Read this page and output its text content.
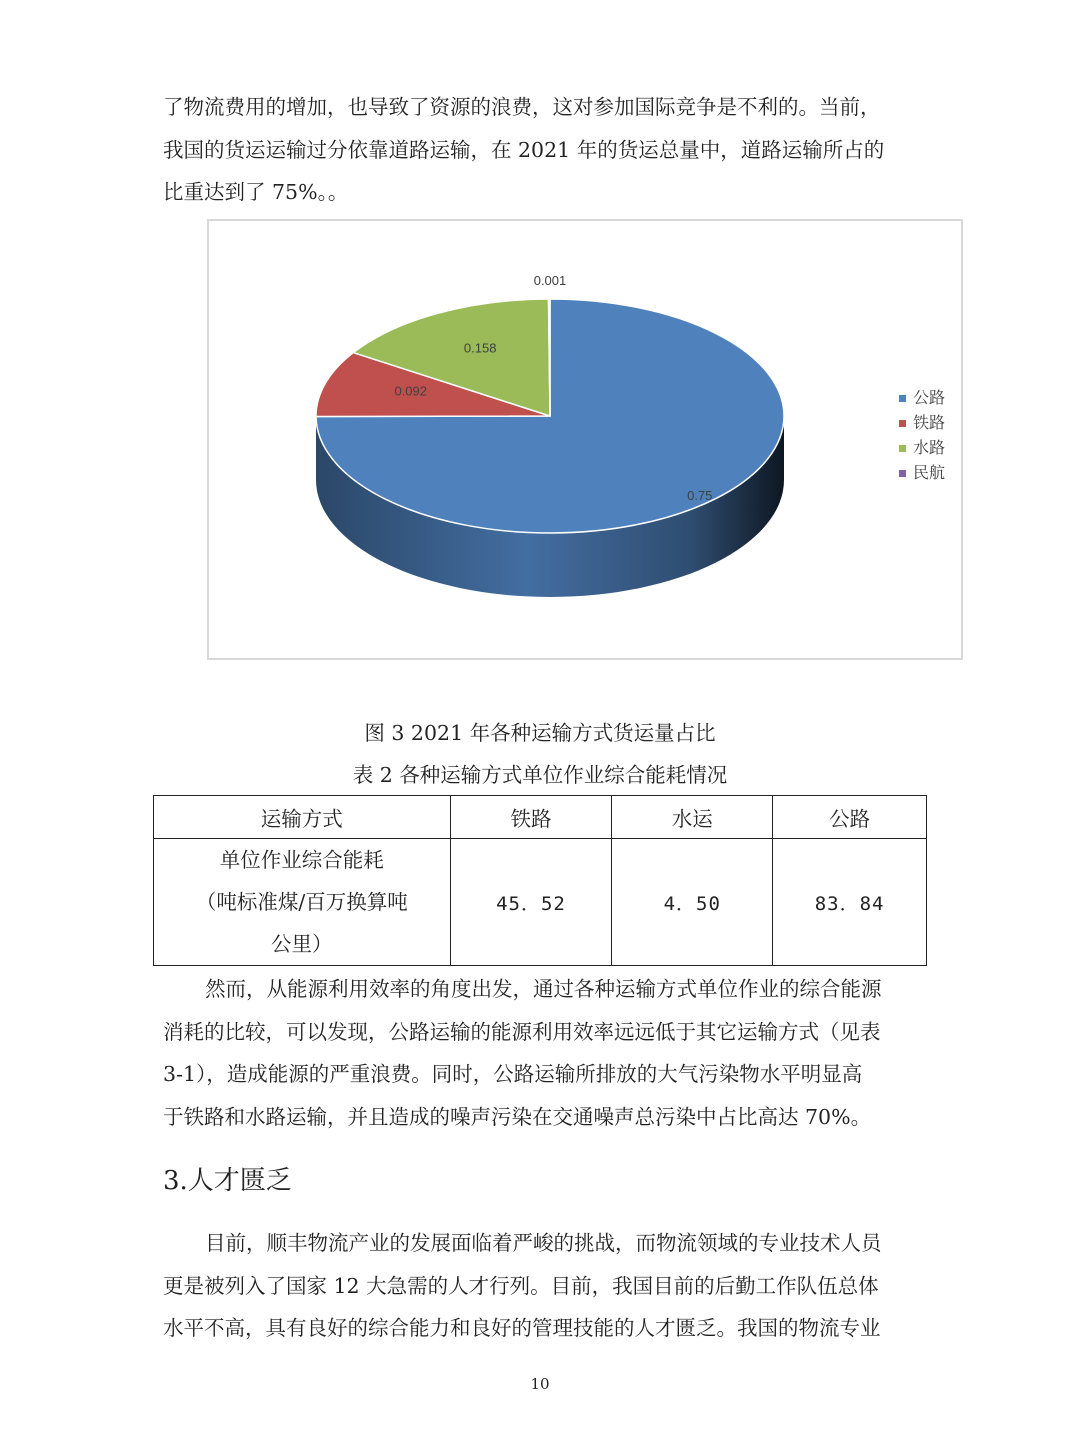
了物流费用的增加，也导致了资源的浪费，这对参加国际竞争是不利的。当前，
我国的货运运输过分依靠道路运输，在 2021 年的货运总量中，道路运输所占的
比重达到了 75%。。
0.75
0.092
0.158
0.001
公路
铁路
水路
民航

图 3 2021 年各种运输方式货运量占比

表 2 各种运输方式单位作业综合能耗情况

运输方式	铁路	水运	公路

单位作业综合能耗
（吨标准煤/百万换算吨
公里）	45．52	4．50	83．84
然而，从能源利用效率的角度出发，通过各种运输方式单位作业的综合能源
消耗的比较，可以发现，公路运输的能源利用效率远远低于其它运输方式（见表
3-1），造成能源的严重浪费。同时，公路运输所排放的大气污染物水平明显高
于铁路和水路运输，并且造成的噪声污染在交通噪声总污染中占比高达 70%。
3.人才匮乏
目前，顺丰物流产业的发展面临着严峻的挑战，而物流领域的专业技术人员
更是被列入了国家 12 大急需的人才行列。目前，我国目前的后勤工作队伍总体
水平不高，具有良好的综合能力和良好的管理技能的人才匮乏。我国的物流专业

10
